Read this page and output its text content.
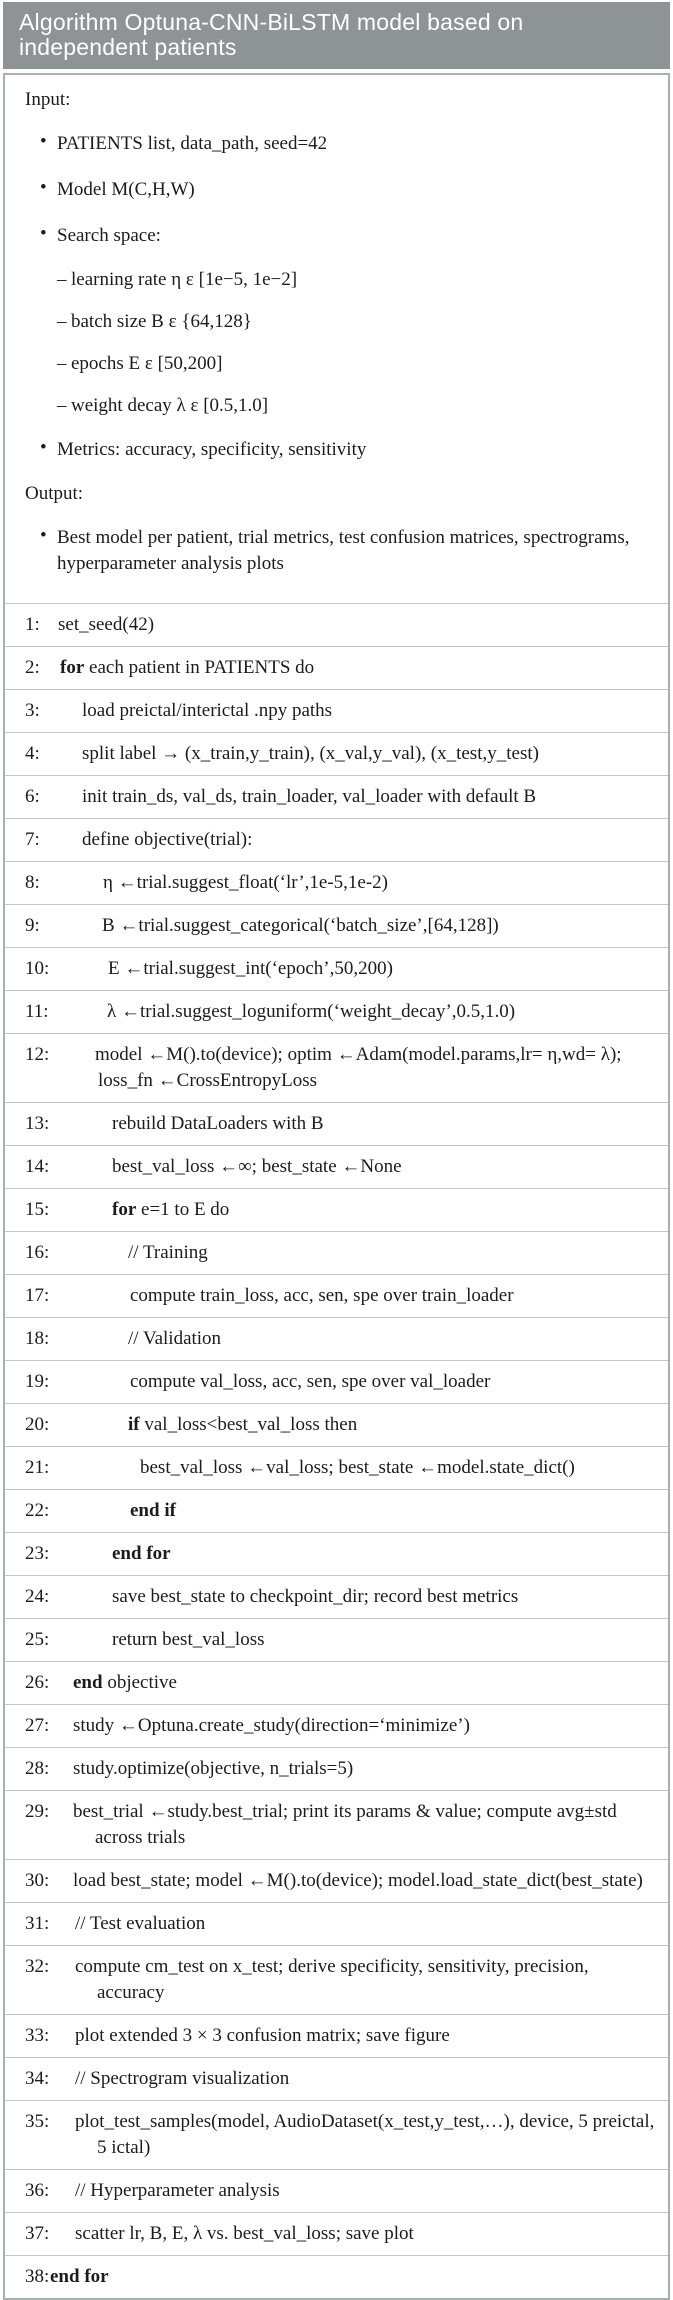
Algorithm Optuna-CNN-BiLSTM model based on independent patients
Input:
• PATIENTS list, data_path, seed=42
• Model M(C,H,W)
• Search space:
– learning rate η ε [1e−5, 1e−2]
– batch size B ε {64,128}
– epochs E ε [50,200]
– weight decay λ ε [0.5,1.0]
• Metrics: accuracy, specificity, sensitivity
Output:
• Best model per patient, trial metrics, test confusion matrices, spectrograms, hyperparameter analysis plots
1: set_seed(42)
2:	for each patient in PATIENTS do
3:	load preictal/interictal .npy paths
4:	split label → (x_train,y_train), (x_val,y_val), (x_test,y_test)
6:	init train_ds, val_ds, train_loader, val_loader with default B
7:	define objective(trial):
8:	η ←trial.suggest_float(‘lr’,1e-5,1e-2)
9:	B ←trial.suggest_categorical(‘batch_size’,[64,128])
10:	E ←trial.suggest_int(‘epoch’,50,200)
11:	λ ←trial.suggest_loguniform(‘weight_decay’,0.5,1.0)
12:	model ←M().to(device); optim ←Adam(model.params,lr= η,wd= λ); loss_fn ←CrossEntropyLoss
13:	rebuild DataLoaders with B
14:	best_val_loss ←∞; best_state ←None
15:	for e=1 to E do
16:	// Training
17:	compute train_loss, acc, sen, spe over train_loader
18:	// Validation
19:	compute val_loss, acc, sen, spe over val_loader
20:	if val_loss<best_val_loss then
21:	best_val_loss ←val_loss; best_state ←model.state_dict()
22:	end if
23:	end for
24:	save best_state to checkpoint_dir; record best metrics
25:	return best_val_loss
26:	end objective
27:	study ←Optuna.create_study(direction=‘minimize’)
28:	study.optimize(objective, n_trials=5)
29:	best_trial ←study.best_trial; print its params & value; compute avg±std across trials
30:	load best_state; model ←M().to(device); model.load_state_dict(best_state)
31:	// Test evaluation
32:	compute cm_test on x_test; derive specificity, sensitivity, precision, accuracy
33:	plot extended 3 × 3 confusion matrix; save figure
34:	// Spectrogram visualization
35:	plot_test_samples(model, AudioDataset(x_test,y_test,…), device, 5 preictal, 5 ictal)
36:	// Hyperparameter analysis
37:	scatter lr, B, E, λ vs. best_val_loss; save plot
38: end for
